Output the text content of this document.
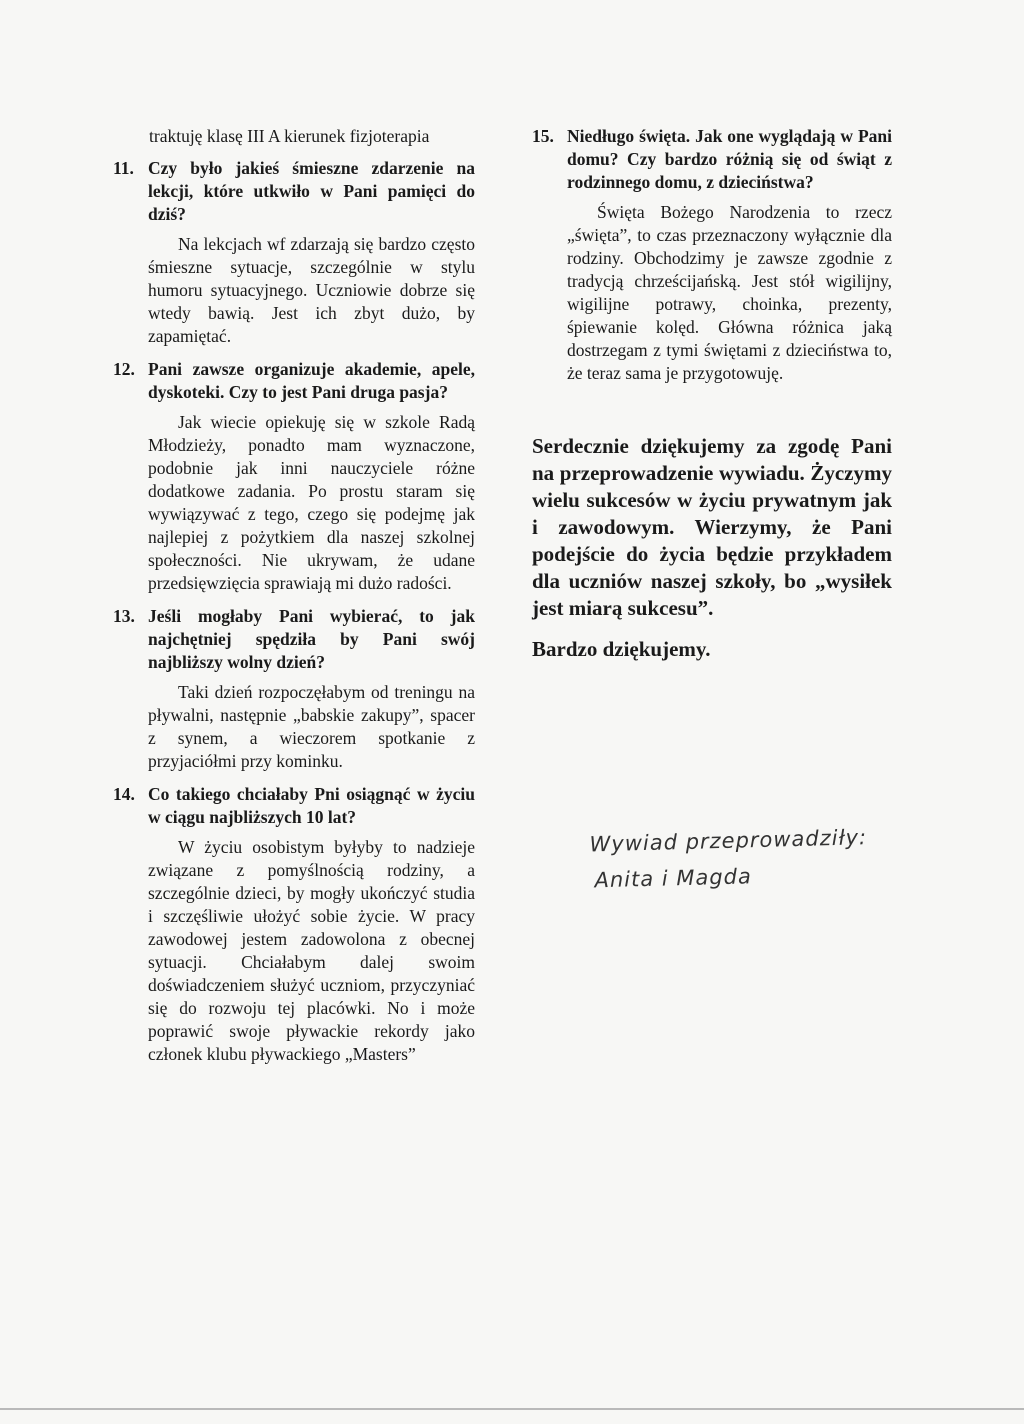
traktuję klasę III A kierunek fizjoterapia
11. Czy było jakieś śmieszne zdarzenie na lekcji, które utkwiło w Pani pamięci do dziś?

Na lekcjach wf zdarzają się bardzo często śmieszne sytuacje, szczególnie w stylu humoru sytuacyjnego. Uczniowie dobrze się wtedy bawią. Jest ich zbyt dużo, by zapamiętać.

12. Pani zawsze organizuje akademie, apele, dyskoteki. Czy to jest Pani druga pasja?

Jak wiecie opiekuję się w szkole Radą Młodzieży, ponadto mam wyznaczone, podobnie jak inni nauczyciele różne dodatkowe zadania. Po prostu staram się wywiązywać z tego, czego się podejmę jak najlepiej z pożytkiem dla naszej szkolnej społeczności. Nie ukrywam, że udane przedsięwzięcia sprawiają mi dużo radości.

13. Jeśli mogłaby Pani wybierać, to jak najchętniej spędziła by Pani swój najbliższy wolny dzień?

Taki dzień rozpoczęłabym od treningu na pływalni, następnie „babskie zakupy”, spacer z synem, a wieczorem spotkanie z przyjaciółmi przy kominku.

14. Co takiego chciałaby Pni osiągnąć w życiu w ciągu najbliższych 10 lat?

W życiu osobistym byłyby to nadzieje związane z pomyślnością rodziny, a szczególnie dzieci, by mogły ukończyć studia i szczęśliwie ułożyć sobie życie. W pracy zawodowej jestem zadowolona z obecnej sytuacji. Chciałabym dalej swoim doświadczeniem służyć uczniom, przyczyniać się do rozwoju tej placówki. No i może poprawić swoje pływackie rekordy jako członek klubu pływackiego „Masters”

15. Niedługo święta. Jak one wyglądają w Pani domu? Czy bardzo różnią się od świąt z rodzinnego domu, z dzieciństwa?

Święta Bożego Narodzenia to rzecz „święta”, to czas przeznaczony wyłącznie dla rodziny. Obchodzimy je zawsze zgodnie z tradycją chrześcijańską. Jest stół wigilijny, wigilijne potrawy, choinka, prezenty, śpiewanie kolęd. Główna różnica jaką dostrzegam z tymi świętami z dzieciństwa to, że teraz sama je przygotowuję.

Serdecznie dziękujemy za zgodę Pani na przeprowadzenie wywiadu. Życzymy wielu sukcesów w życiu prywatnym jak i zawodowym. Wierzymy, że Pani podejście do życia będzie przykładem dla uczniów naszej szkoły, bo „wysiłek jest miarą sukcesu”.
Bardzo dziękujemy.
Wywiad przeprowadziły:
Anita i Magda
